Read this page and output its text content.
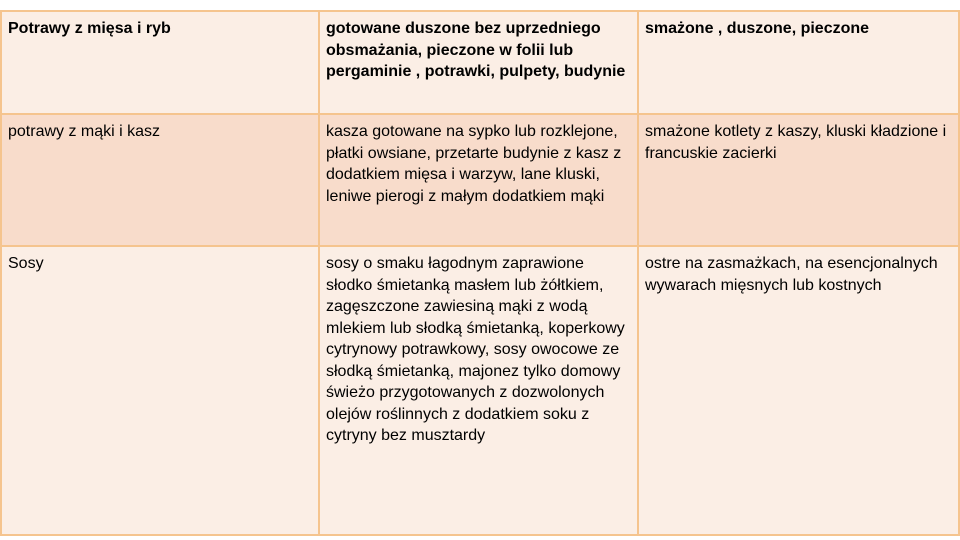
Potrawy z mięsa i ryb	gotowane duszone bez uprzedniego obsmażania, pieczone w folii lub pergaminie , potrawki, pulpety, budynie	smażone , duszone, pieczone
potrawy z mąki i kasz	kasza gotowane na sypko lub rozklejone, płatki owsiane, przetarte budynie z kasz z dodatkiem mięsa i warzyw, lane kluski, leniwe pierogi z małym dodatkiem mąki	smażone kotlety z kaszy, kluski kładzione i francuskie zacierki
Sosy	sosy o smaku łagodnym zaprawione słodko śmietanką masłem lub żółtkiem, zagęszczone zawiesiną mąki z wodą mlekiem lub słodką śmietanką, koperkowy cytrynowy potrawkowy, sosy owocowe ze słodką śmietanką, majonez tylko domowy świeżo przygotowanych z dozwolonych olejów roślinnych z dodatkiem soku z cytryny bez musztardy	ostre na zasmażkach, na esencjonalnych wywarach mięsnych lub kostnych
